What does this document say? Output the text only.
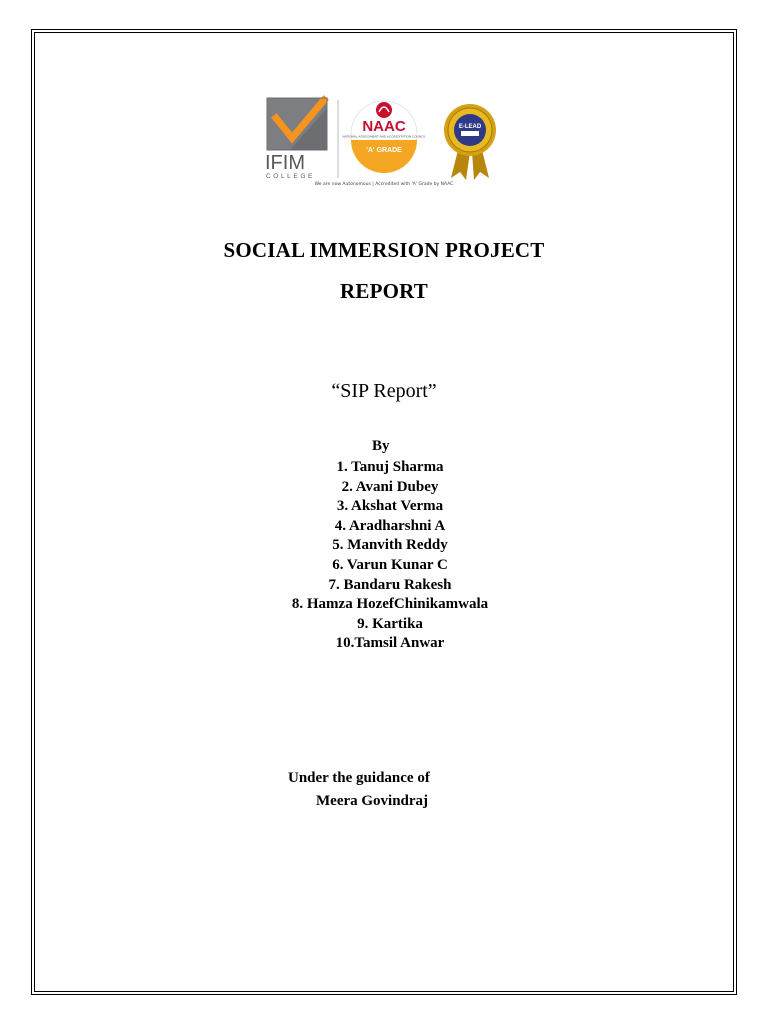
IFIM
COLLEGE
NAAC
NATIONAL ASSESSMENT AND ACCREDITATION COUNCIL
'A' GRADE
E-LEAD
We are now Autonomous | Accredited with 'A' Grade by NAAC
SOCIAL IMMERSION PROJECT
REPORT
“SIP Report”
By
1. Tanuj Sharma
2. Avani Dubey
3. Akshat Verma
4. Aradharshni A
5. Manvith Reddy
6. Varun Kunar C
7. Bandaru Rakesh
8. Hamza HozefChinikamwala
9. Kartika
10.Tamsil Anwar
Under the guidance of
Meera Govindraj
